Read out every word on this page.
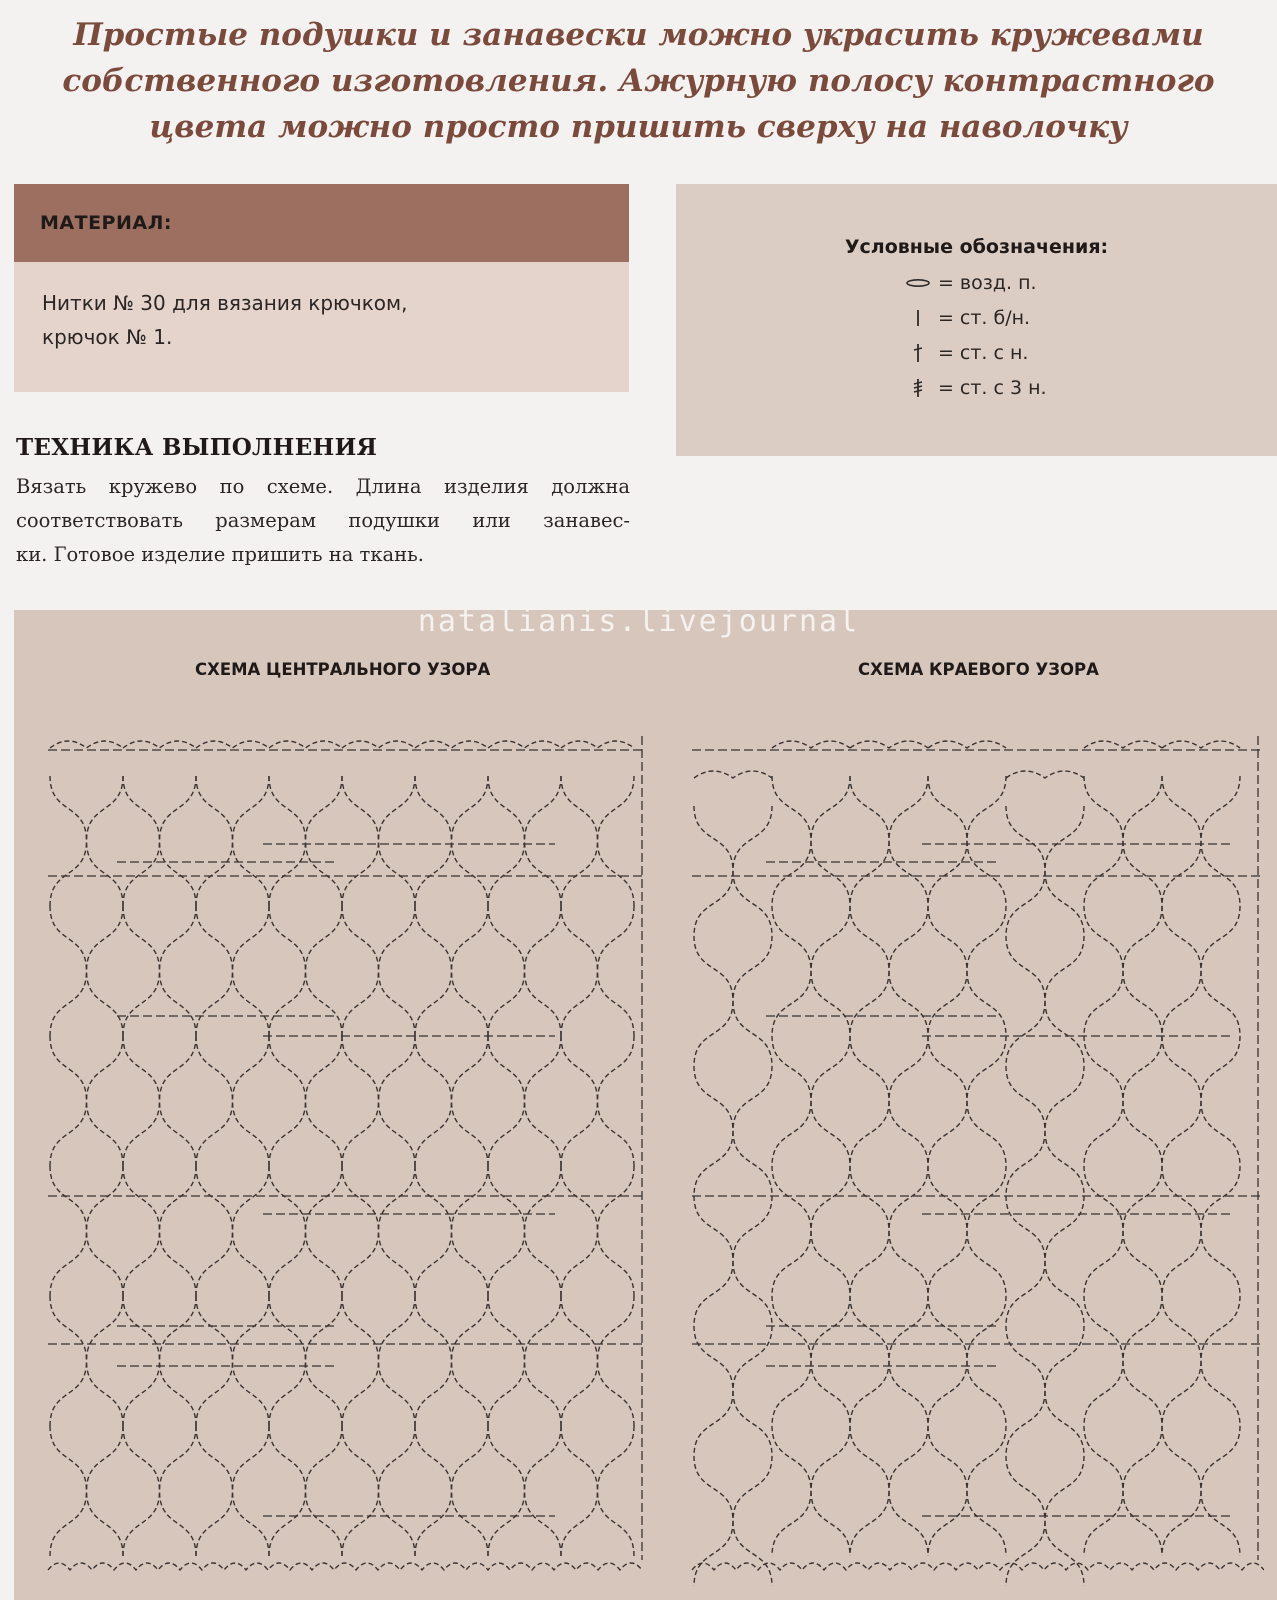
Простые подушки и занавески можно украсить кружевами
собственного изготовления. Ажурную полосу контрастного
цвета можно просто пришить сверху на наволочку
МАТЕРИАЛ:
Нитки № 30 для вязания крючком,
крючок № 1.
Условные обозначения:
= возд. п.
= ст. б/н.
= ст. с н.
= ст. с 3 н.
ТЕХНИКА ВЫПОЛНЕНИЯ
Вязать кружево по схеме. Длина изделия должна
соответствовать размерам подушки или занавес-
ки. Готовое изделие пришить на ткань.
natalianis.livejournal
СХЕМА ЦЕНТРАЛЬНОГО УЗОРА	СХЕМА КРАЕВОГО УЗОРА
